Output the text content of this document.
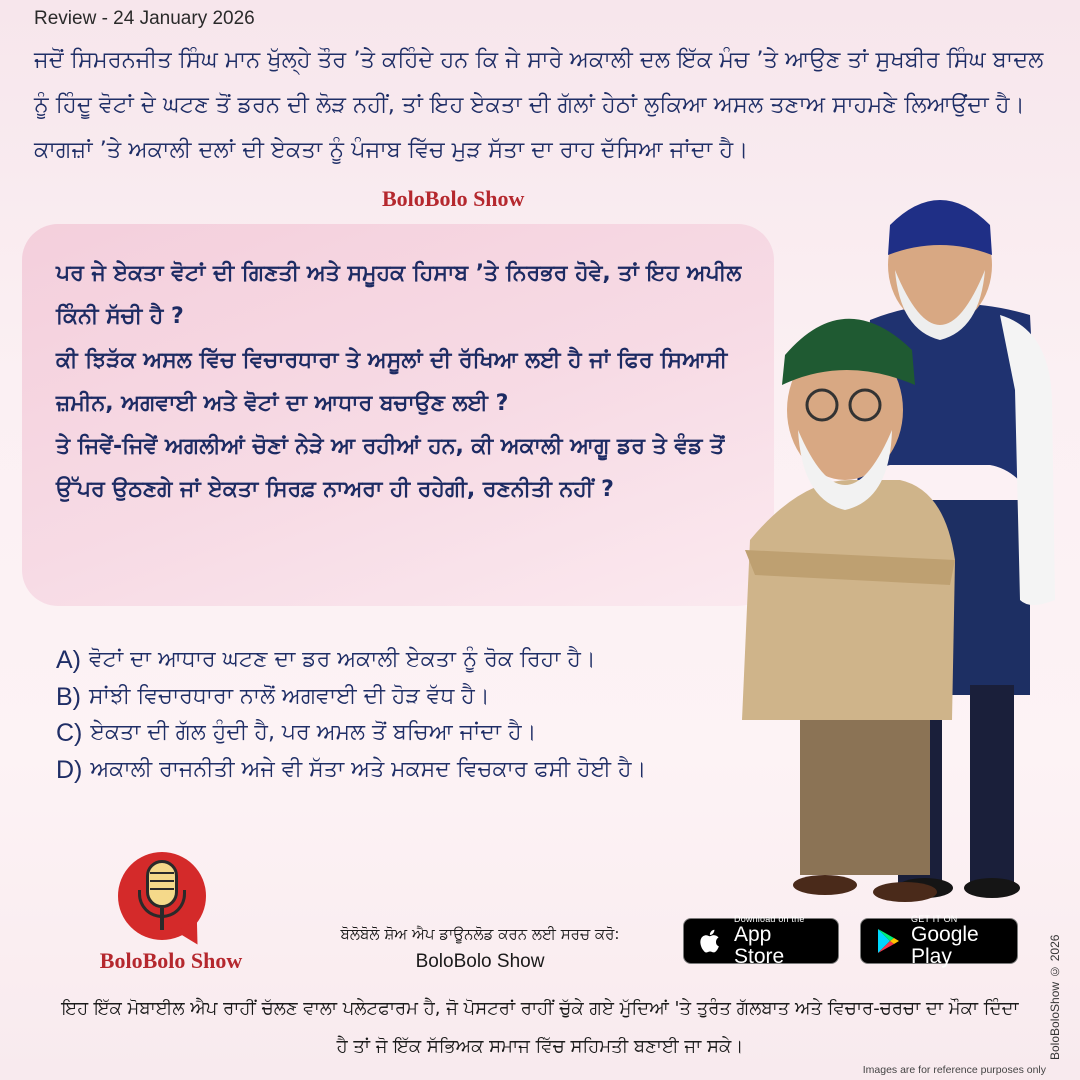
Review - 24 January 2026

ਜਦੋਂ ਸਿਮਰਨਜੀਤ ਸਿੰਘ ਮਾਨ ਖੁੱਲ੍ਹੇ ਤੌਰ ’ਤੇ ਕਹਿੰਦੇ ਹਨ ਕਿ ਜੇ ਸਾਰੇ ਅਕਾਲੀ ਦਲ ਇੱਕ ਮੰਚ ’ਤੇ ਆਉਣ ਤਾਂ ਸੁਖਬੀਰ ਸਿੰਘ ਬਾਦਲ ਨੂੰ ਹਿੰਦੂ ਵੋਟਾਂ ਦੇ ਘਟਣ ਤੋਂ ਡਰਨ ਦੀ ਲੋੜ ਨਹੀਂ, ਤਾਂ ਇਹ ਏਕਤਾ ਦੀ ਗੱਲਾਂ ਹੇਠਾਂ ਲੁਕਿਆ ਅਸਲ ਤਣਾਅ ਸਾਹਮਣੇ ਲਿਆਉਂਦਾ ਹੈ। ਕਾਗਜ਼ਾਂ ’ਤੇ ਅਕਾਲੀ ਦਲਾਂ ਦੀ ਏਕਤਾ ਨੂੰ ਪੰਜਾਬ ਵਿੱਚ ਮੁੜ ਸੱਤਾ ਦਾ ਰਾਹ ਦੱਸਿਆ ਜਾਂਦਾ ਹੈ।

BoloBolo Show
ਪਰ ਜੇ ਏਕਤਾ ਵੋਟਾਂ ਦੀ ਗਿਣਤੀ ਅਤੇ ਸਮੂਹਕ ਹਿਸਾਬ ’ਤੇ ਨਿਰਭਰ ਹੋਵੇ, ਤਾਂ ਇਹ ਅਪੀਲ ਕਿੰਨੀ ਸੱਚੀ ਹੈ ?
ਕੀ ਝਿੜੱਕ ਅਸਲ ਵਿੱਚ ਵਿਚਾਰਧਾਰਾ ਤੇ ਅਸੂਲਾਂ ਦੀ ਰੱਖਿਆ ਲਈ ਹੈ ਜਾਂ ਫਿਰ ਸਿਆਸੀ ਜ਼ਮੀਨ, ਅਗਵਾਈ ਅਤੇ ਵੋਟਾਂ ਦਾ ਆਧਾਰ ਬਚਾਉਣ ਲਈ ?
ਤੇ ਜਿਵੇਂ-ਜਿਵੇਂ ਅਗਲੀਆਂ ਚੋਣਾਂ ਨੇੜੇ ਆ ਰਹੀਆਂ ਹਨ, ਕੀ ਅਕਾਲੀ ਆਗੂ ਡਰ ਤੇ ਵੰਡ ਤੋਂ ਉੱਪਰ ਉਠਣਗੇ ਜਾਂ ਏਕਤਾ ਸਿਰਫ਼ ਨਾਅਰਾ ਹੀ ਰਹੇਗੀ, ਰਣਨੀਤੀ ਨਹੀਂ ?
A) ਵੋਟਾਂ ਦਾ ਆਧਾਰ ਘਟਣ ਦਾ ਡਰ ਅਕਾਲੀ ਏਕਤਾ ਨੂੰ ਰੋਕ ਰਿਹਾ ਹੈ।
B) ਸਾਂਝੀ ਵਿਚਾਰਧਾਰਾ ਨਾਲੋਂ ਅਗਵਾਈ ਦੀ ਹੋੜ ਵੱਧ ਹੈ।
C) ਏਕਤਾ ਦੀ ਗੱਲ ਹੁੰਦੀ ਹੈ, ਪਰ ਅਮਲ ਤੋਂ ਬਚਿਆ ਜਾਂਦਾ ਹੈ।
D) ਅਕਾਲੀ ਰਾਜਨੀਤੀ ਅਜੇ ਵੀ ਸੱਤਾ ਅਤੇ ਮਕਸਦ ਵਿਚਕਾਰ ਫਸੀ ਹੋਈ ਹੈ।
BoloBolo Show
ਬੋਲੋਬੋਲੋ ਸ਼ੋਅ ਐਪ ਡਾਊਨਲੋਡ ਕਰਨ ਲਈ ਸਰਚ ਕਰੋ:
BoloBolo Show
Download on the
App Store
GET IT ON
Google Play

ਇਹ ਇੱਕ ਮੋਬਾਈਲ ਐਪ ਰਾਹੀਂ ਚੱਲਣ ਵਾਲਾ ਪਲੇਟਫਾਰਮ ਹੈ, ਜੋ ਪੋਸਟਰਾਂ ਰਾਹੀਂ ਚੁੱਕੇ ਗਏ ਮੁੱਦਿਆਂ 'ਤੇ ਤੁਰੰਤ ਗੱਲਬਾਤ ਅਤੇ ਵਿਚਾਰ-ਚਰਚਾ ਦਾ ਮੌਕਾ ਦਿੰਦਾ ਹੈ ਤਾਂ ਜੋ ਇੱਕ ਸੱਭਿਅਕ ਸਮਾਜ ਵਿੱਚ ਸਹਿਮਤੀ ਬਣਾਈ ਜਾ ਸਕੇ।	BoloBoloShow © 2026
Images are for reference purposes only
